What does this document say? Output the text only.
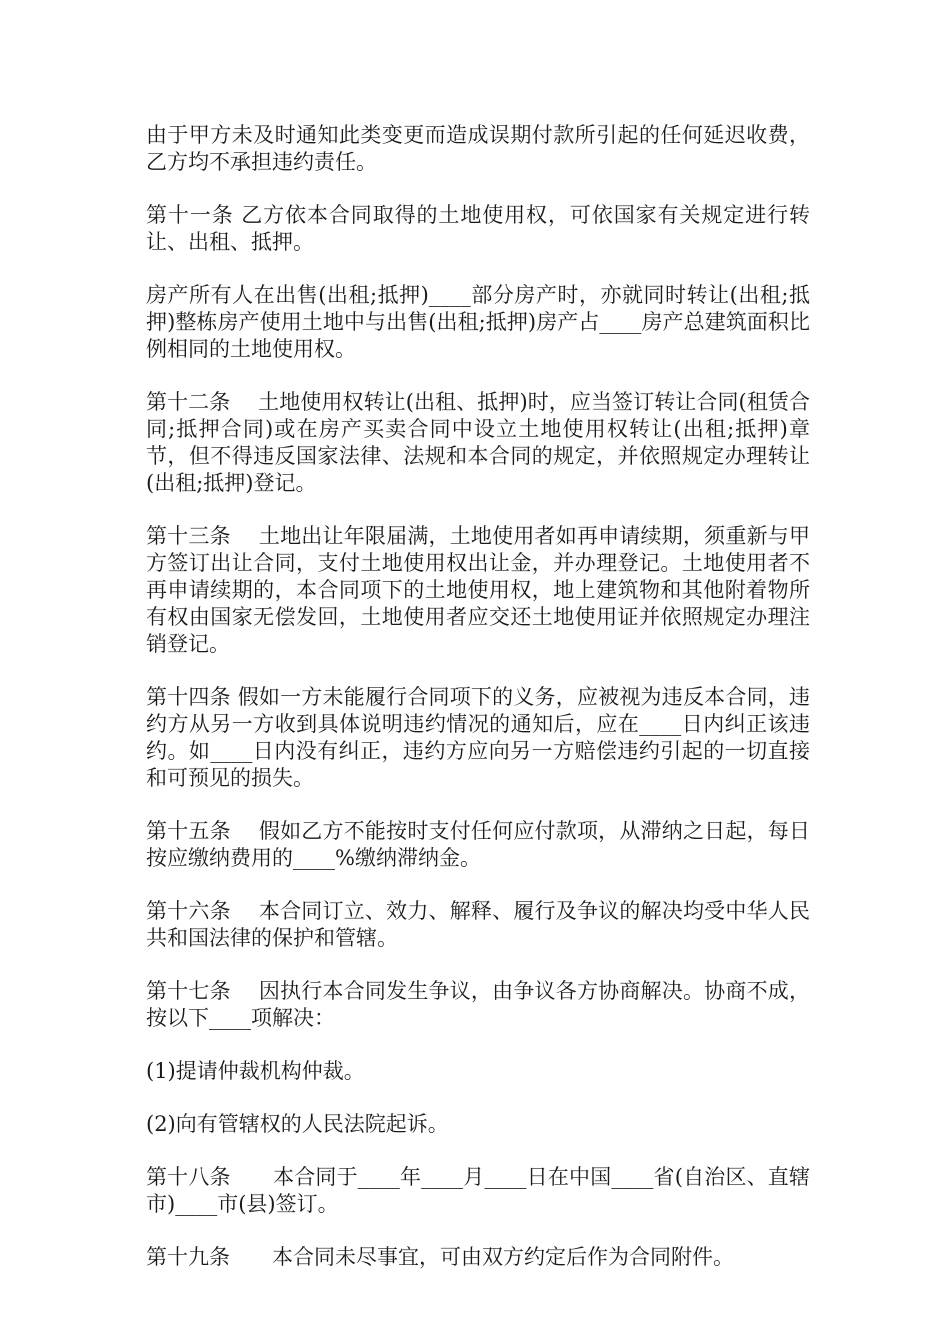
由于甲方未及时通知此类变更而造成误期付款所引起的任何延迟收费，乙方均不承担违约责任。

第十一条 乙方依本合同取得的土地使用权，可依国家有关规定进行转让、出租、抵押。

房产所有人在出售(出租;抵押)____部分房产时，亦就同时转让(出租;抵押)整栋房产使用土地中与出售(出租;抵押)房产占____房产总建筑面积比例相同的土地使用权。

第十二条　 土地使用权转让(出租、抵押)时，应当签订转让合同(租赁合同;抵押合同)或在房产买卖合同中设立土地使用权转让(出租;抵押)章节，但不得违反国家法律、法规和本合同的规定，并依照规定办理转让(出租;抵押)登记。

第十三条　 土地出让年限届满，土地使用者如再申请续期，须重新与甲方签订出让合同，支付土地使用权出让金，并办理登记。土地使用者不再申请续期的，本合同项下的土地使用权，地上建筑物和其他附着物所有权由国家无偿发回，土地使用者应交还土地使用证并依照规定办理注销登记。

第十四条 假如一方未能履行合同项下的义务，应被视为违反本合同，违约方从另一方收到具体说明违约情况的通知后，应在____日内纠正该违约。如____日内没有纠正，违约方应向另一方赔偿违约引起的一切直接和可预见的损失。

第十五条　 假如乙方不能按时支付任何应付款项，从滞纳之日起，每日按应缴纳费用的____%缴纳滞纳金。

第十六条　 本合同订立、效力、解释、履行及争议的解决均受中华人民共和国法律的保护和管辖。

第十七条　 因执行本合同发生争议，由争议各方协商解决。协商不成，按以下____项解决：

(1)提请仲裁机构仲裁。

(2)向有管辖权的人民法院起诉。

第十八条　　本合同于____年____月____日在中国____省(自治区、直辖市)____市(县)签订。

第十九条　　本合同未尽事宜，可由双方约定后作为合同附件。
